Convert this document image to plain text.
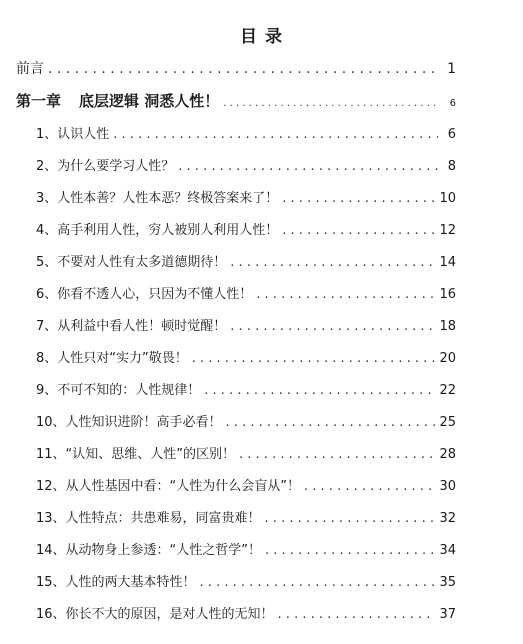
目 录
前言 . . .	1
第一章 底层逻辑 洞悉人性！ . . .	6
1、认识人性 . . .	6
2、为什么要学习人性？ . . .	8
3、人性本善？人性本恶？终极答案来了！ . . .	10
4、高手利用人性，穷人被别人利用人性！ . . .	12
5、不要对人性有太多道德期待！ . . .	14
6、你看不透人心，只因为不懂人性！ . . .	16
7、从利益中看人性！顿时觉醒！ . . .	18
8、人性只对“实力”敬畏！ . . .	20
9、不可不知的：人性规律！ . . .	22
10、人性知识进阶！高手必看！ . . .	25
11、“认知、思维、人性”的区别！ . . .	28
12、从人性基因中看：“人性为什么会盲从”！ . . .	30
13、人性特点：共患难易，同富贵难！ . . .	32
14、从动物身上参透：“人性之哲学”！ . . .	34
15、人性的两大基本特性！ . . .	35
16、你长不大的原因，是对人性的无知！ . . .	37
